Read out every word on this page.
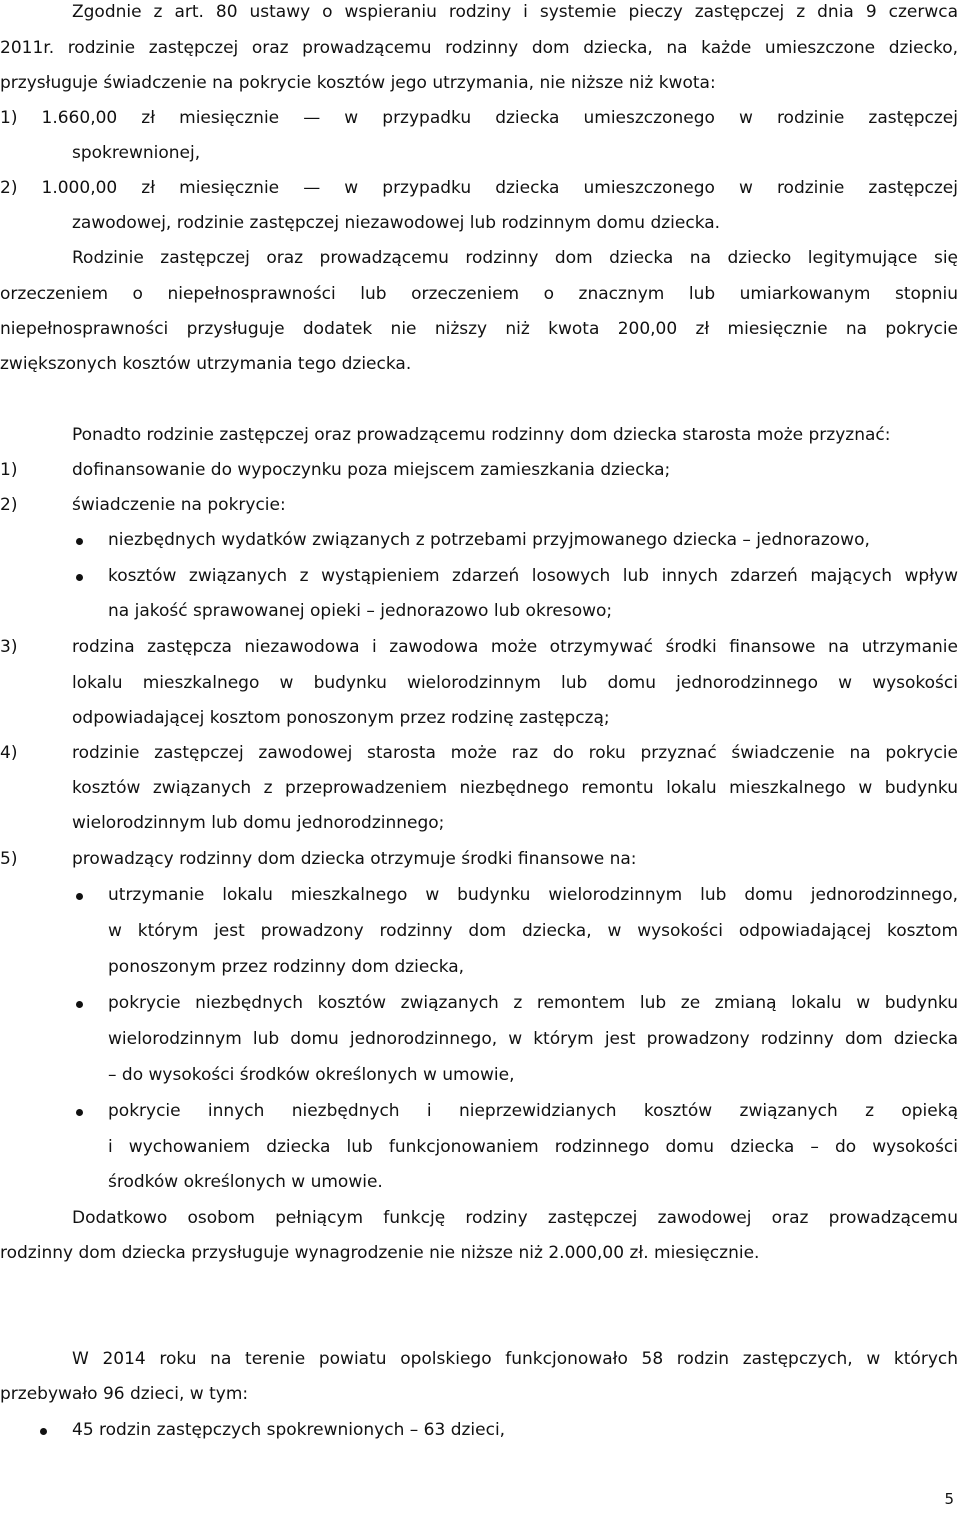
Zgodnie z art. 80 ustawy o wspieraniu rodziny i systemie pieczy zastępczej z dnia 9 czerwca
2011r. rodzinie zastępczej oraz prowadzącemu rodzinny dom dziecka, na każde umieszczone dziecko,
przysługuje świadczenie na pokrycie kosztów jego utrzymania, nie niższe niż kwota:
1) 1.660,00 zł miesięcznie — w przypadku dziecka umieszczonego w rodzinie zastępczej
spokrewnionej,
2) 1.000,00 zł miesięcznie — w przypadku dziecka umieszczonego w rodzinie zastępczej
zawodowej, rodzinie zastępczej niezawodowej lub rodzinnym domu dziecka.
Rodzinie zastępczej oraz prowadzącemu rodzinny dom dziecka na dziecko legitymujące się
orzeczeniem o niepełnosprawności lub orzeczeniem o znacznym lub umiarkowanym stopniu
niepełnosprawności przysługuje dodatek nie niższy niż kwota 200,00 zł miesięcznie na pokrycie
zwiększonych kosztów utrzymania tego dziecka.
Ponadto rodzinie zastępczej oraz prowadzącemu rodzinny dom dziecka starosta może przyznać:
1)	dofinansowanie do wypoczynku poza miejscem zamieszkania dziecka;
2)	świadczenie na pokrycie:
niezbędnych wydatków związanych z potrzebami przyjmowanego dziecka – jednorazowo,
kosztów związanych z wystąpieniem zdarzeń losowych lub innych zdarzeń mających wpływ
na jakość sprawowanej opieki – jednorazowo lub okresowo;
3)	rodzina zastępcza niezawodowa i zawodowa może otrzymywać środki finansowe na utrzymanie
lokalu mieszkalnego w budynku wielorodzinnym lub domu jednorodzinnego w wysokości
odpowiadającej kosztom ponoszonym przez rodzinę zastępczą;
4)	rodzinie zastępczej zawodowej starosta może raz do roku przyznać świadczenie na pokrycie
kosztów związanych z przeprowadzeniem niezbędnego remontu lokalu mieszkalnego w budynku
wielorodzinnym lub domu jednorodzinnego;
5)	prowadzący rodzinny dom dziecka otrzymuje środki finansowe na:
utrzymanie lokalu mieszkalnego w budynku wielorodzinnym lub domu jednorodzinnego,
w którym jest prowadzony rodzinny dom dziecka, w wysokości odpowiadającej kosztom
ponoszonym przez rodzinny dom dziecka,
pokrycie niezbędnych kosztów związanych z remontem lub ze zmianą lokalu w budynku
wielorodzinnym lub domu jednorodzinnego, w którym jest prowadzony rodzinny dom dziecka
– do wysokości środków określonych w umowie,
pokrycie innych niezbędnych i nieprzewidzianych kosztów związanych z opieką
i wychowaniem dziecka lub funkcjonowaniem rodzinnego domu dziecka – do wysokości
środków określonych w umowie.
Dodatkowo osobom pełniącym funkcję rodziny zastępczej zawodowej oraz prowadzącemu
rodzinny dom dziecka przysługuje wynagrodzenie nie niższe niż 2.000,00 zł. miesięcznie.
W 2014 roku na terenie powiatu opolskiego funkcjonowało 58 rodzin zastępczych, w których
przebywało 96 dzieci, w tym:
45 rodzin zastępczych spokrewnionych – 63 dzieci,
5
